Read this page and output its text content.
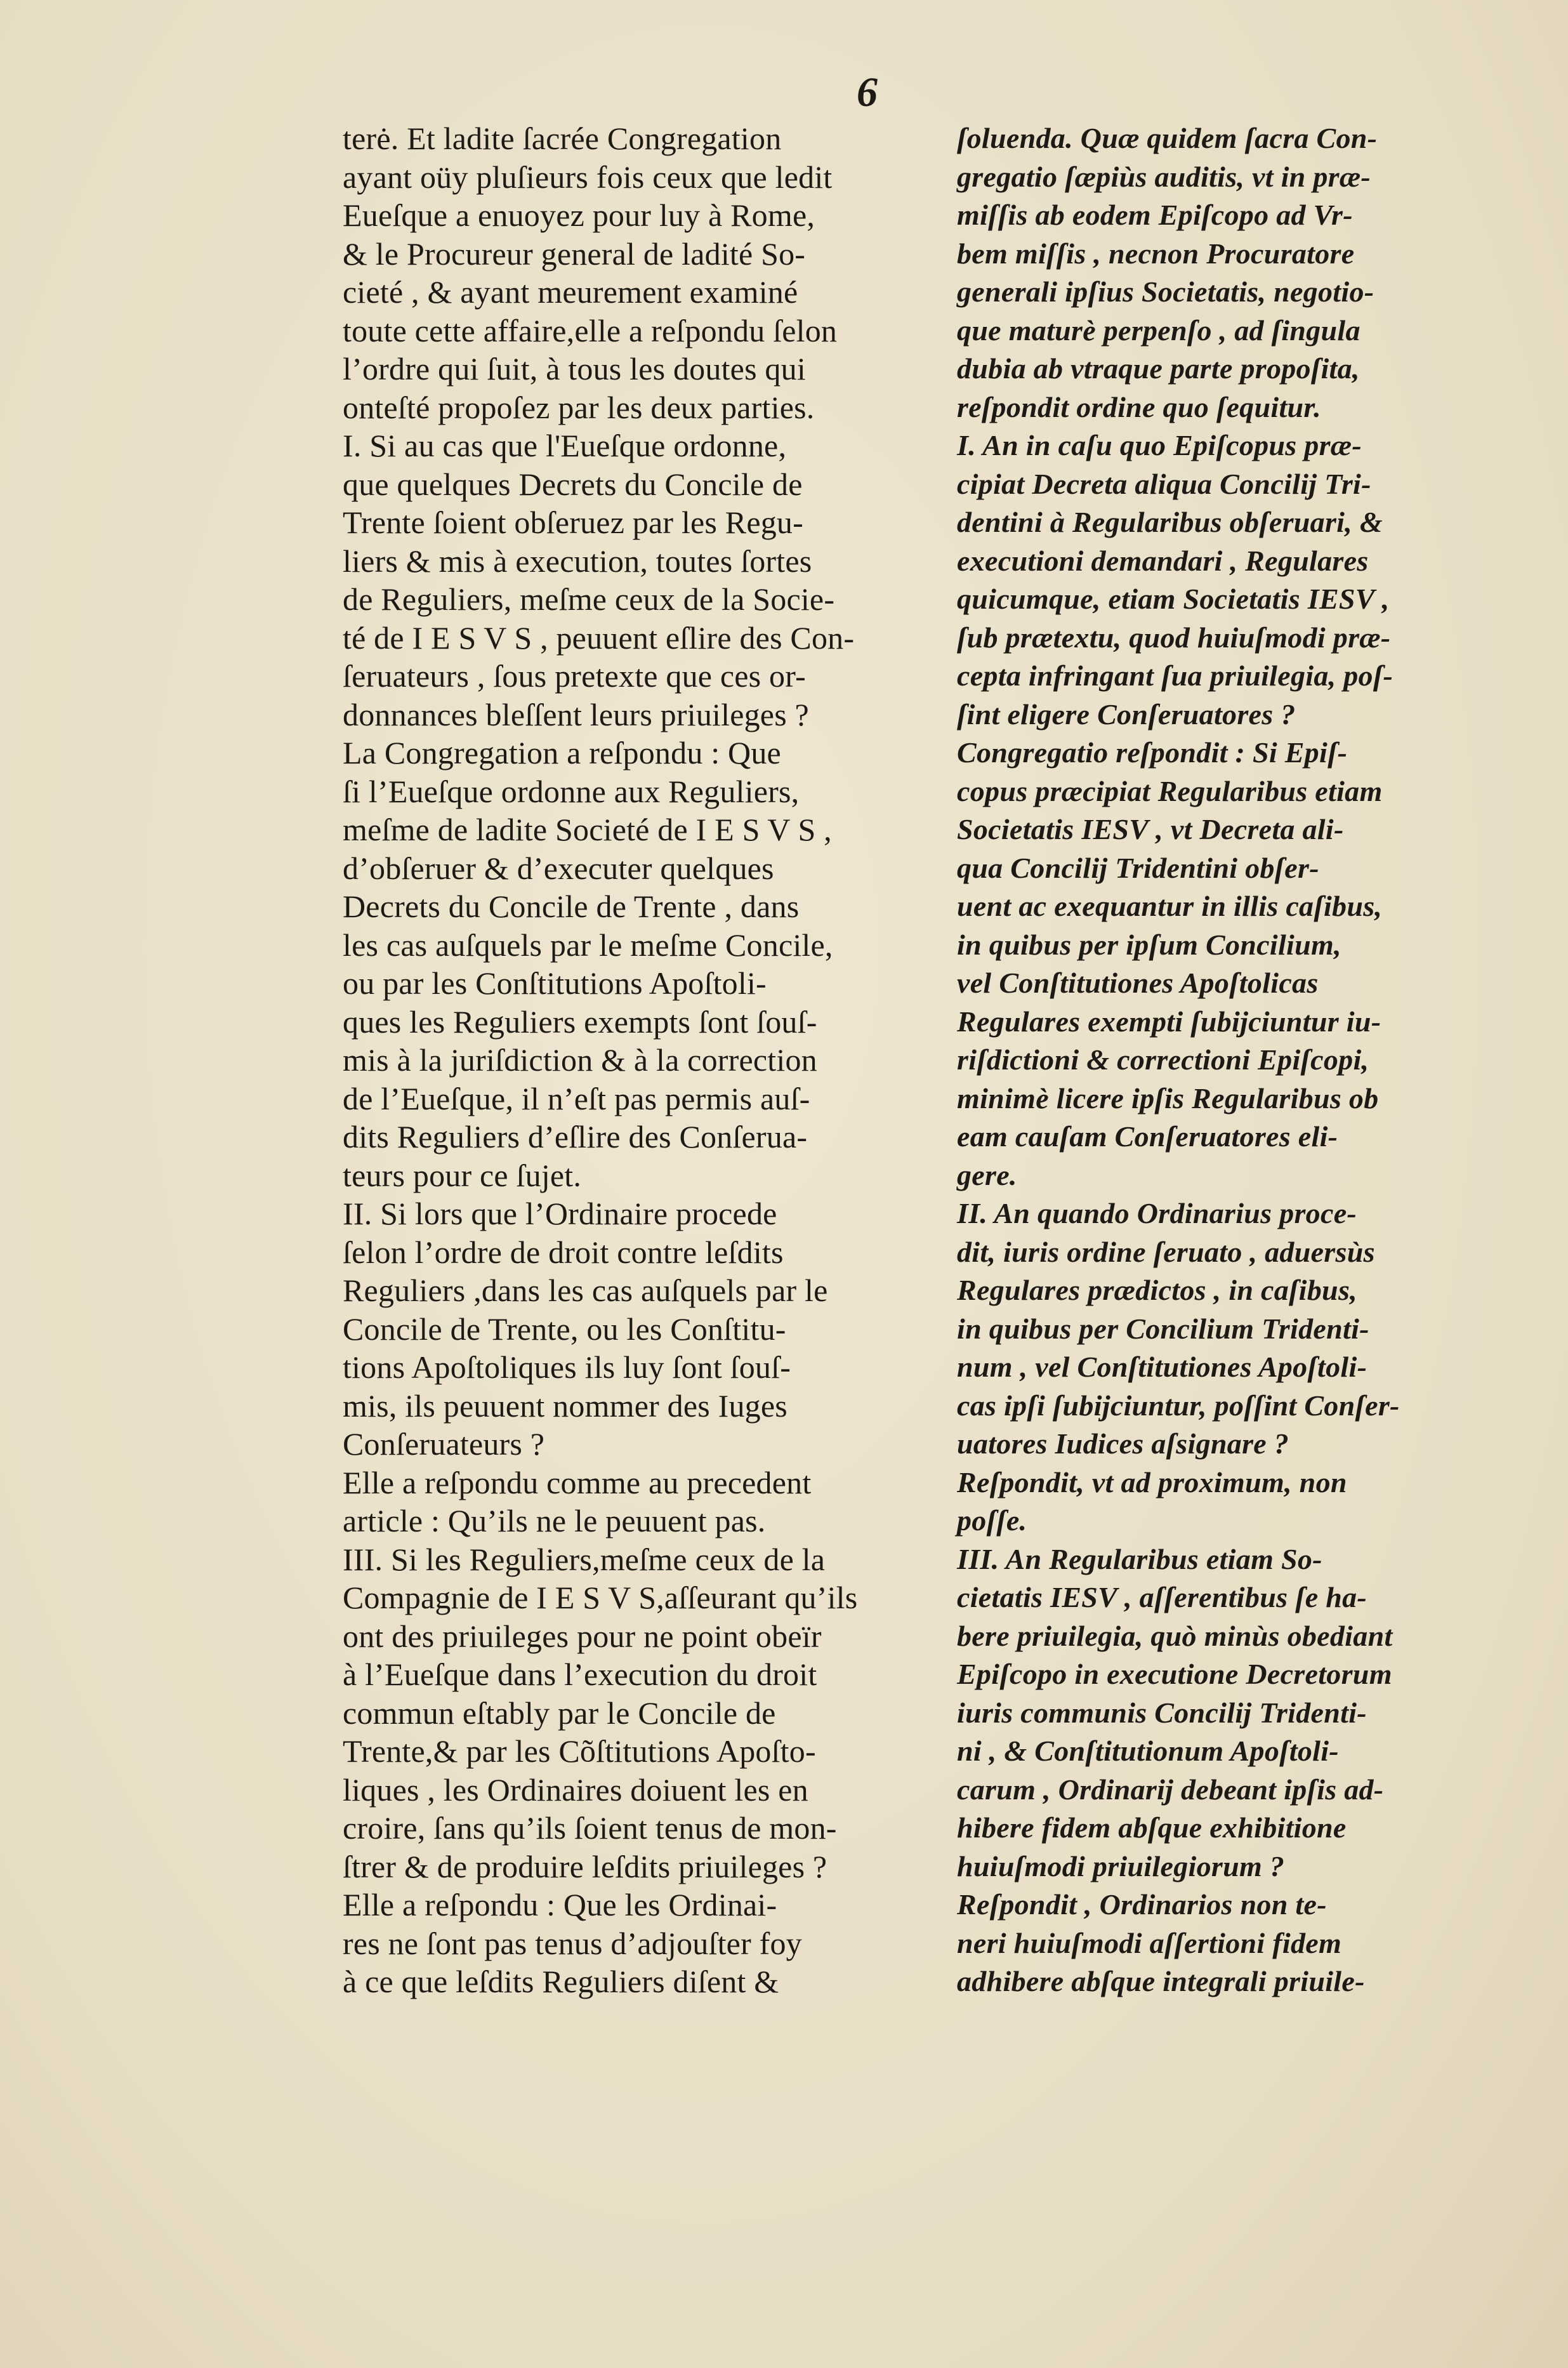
6
terė. Et ladite ſacrée Congregation
ayant oüy pluſieurs fois ceux que ledit
Eueſque a enuoyez pour luy à Rome,
& le Procureur general de ladité So-
cieté , & ayant meurement examiné
toute cette affaire,elle a reſpondu ſelon
l’ordre qui ſuit, à tous les doutes qui
onteſté propoſez par les deux parties.
I. Si au cas que l'Eueſque ordonne,
que quelques Decrets du Concile de
Trente ſoient obſeruez par les Regu-
liers & mis à execution, toutes ſortes
de Reguliers, meſme ceux de la Socie-
té de I E S V S , peuuent eſlire des Con-
ſeruateurs , ſous pretexte que ces or-
donnances bleſſent leurs priuileges ?
La Congregation a reſpondu : Que
ſi l’Eueſque ordonne aux Reguliers,
meſme de ladite Societé de I E S V S ,
d’obſeruer & d’executer quelques
Decrets du Concile de Trente , dans
les cas auſquels par le meſme Concile,
ou par les Conſtitutions Apoſtoli-
ques les Reguliers exempts ſont ſouſ-
mis à la juriſdiction & à la correction
de l’Eueſque, il n’eſt pas permis auſ-
dits Reguliers d’eſlire des Conſerua-
teurs pour ce ſujet.
II. Si lors que l’Ordinaire procede
ſelon l’ordre de droit contre leſdits
Reguliers ,dans les cas auſquels par le
Concile de Trente, ou les Conſtitu-
tions Apoſtoliques ils luy ſont ſouſ-
mis, ils peuuent nommer des Iuges
Conſeruateurs ?
Elle a reſpondu comme au precedent
article : Qu’ils ne le peuuent pas.
III. Si les Reguliers,meſme ceux de la
Compagnie de I E S V S,aſſeurant qu’ils
ont des priuileges pour ne point obeïr
à l’Eueſque dans l’execution du droit
commun eſtably par le Concile de
Trente,& par les Cõſtitutions Apoſto-
liques , les Ordinaires doiuent les en
croire, ſans qu’ils ſoient tenus de mon-
ſtrer & de produire leſdits priuileges ?
Elle a reſpondu : Que les Ordinai-
res ne ſont pas tenus d’adjouſter foy
à ce que leſdits Reguliers diſent &
ſoluenda. Quæ quidem ſacra Con-
gregatio ſæpiùs auditis, vt in præ-
miſſis ab eodem Epiſcopo ad Vr-
bem miſſis , necnon Procuratore
generali ipſius Societatis, negotio-
que maturè perpenſo , ad ſingula
dubia ab vtraque parte propoſita,
reſpondit ordine quo ſequitur.
I. An in caſu quo Epiſcopus præ-
cipiat Decreta aliqua Concilij Tri-
dentini à Regularibus obſeruari, &
executioni demandari , Regulares
quicumque, etiam Societatis IESV ,
ſub prætextu, quod huiuſmodi præ-
cepta infringant ſua priuilegia, poſ-
ſint eligere Conſeruatores ?
Congregatio reſpondit : Si Epiſ-
copus præcipiat Regularibus etiam
Societatis IESV , vt Decreta ali-
qua Concilij Tridentini obſer-
uent ac exequantur in illis caſibus,
in quibus per ipſum Concilium,
vel Conſtitutiones Apoſtolicas
Regulares exempti ſubijciuntur iu-
riſdictioni & correctioni Epiſcopi,
minimè licere ipſis Regularibus ob
eam cauſam Conſeruatores eli-
gere.
II. An quando Ordinarius proce-
dit, iuris ordine ſeruato , aduersùs
Regulares prædictos , in caſibus,
in quibus per Concilium Tridenti-
num , vel Conſtitutiones Apoſtoli-
cas ipſi ſubijciuntur, poſſint Conſer-
uatores Iudices aſsignare ?
Reſpondit, vt ad proximum, non
poſſe.
III. An Regularibus etiam So-
cietatis IESV , aſſerentibus ſe ha-
bere priuilegia, quò minùs obediant
Epiſcopo in executione Decretorum
iuris communis Concilij Tridenti-
ni , & Conſtitutionum Apoſtoli-
carum , Ordinarij debeant ipſis ad-
hibere fidem abſque exhibitione
huiuſmodi priuilegiorum ?
Reſpondit , Ordinarios non te-
neri huiuſmodi aſſertioni fidem
adhibere abſque integrali priuile-
